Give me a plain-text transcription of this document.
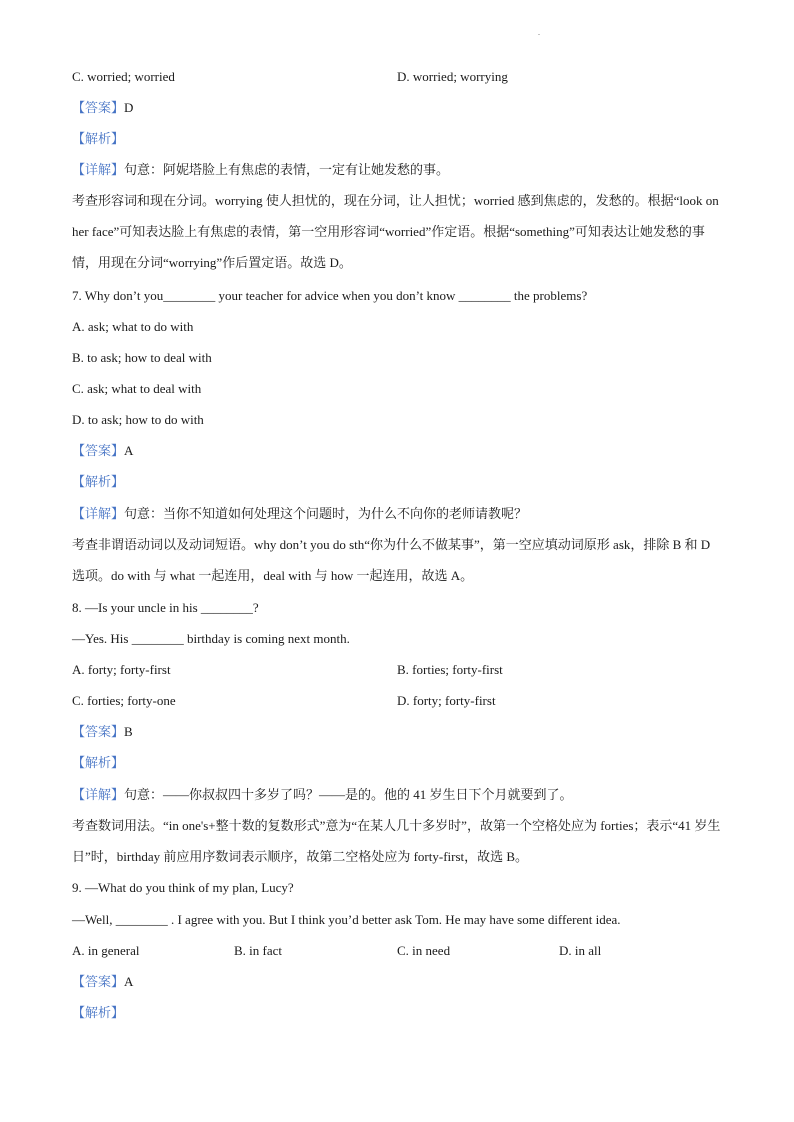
.
C. worried; worried	D. worried; worrying
【答案】D
【解析】
【详解】句意：阿妮塔脸上有焦虑的表情，一定有让她发愁的事。
考查形容词和现在分词。worrying 使人担忧的，现在分词，让人担忧；worried 感到焦虑的，发愁的。根据“look on her face”可知表达脸上有焦虑的表情，第一空用形容词“worried”作定语。根据“something”可知表达让她发愁的事情，用现在分词“worrying”作后置定语。故选 D。
7. Why don’t you________ your teacher for advice when you don’t know ________ the problems?
A. ask; what to do with
B. to ask; how to deal with
C. ask; what to deal with
D. to ask; how to do with
【答案】A
【解析】
【详解】句意：当你不知道如何处理这个问题时，为什么不向你的老师请教呢？
考查非谓语动词以及动词短语。why don’t you do sth“你为什么不做某事”，第一空应填动词原形 ask，排除 B 和 D 选项。do with 与 what 一起连用，deal with 与 how 一起连用，故选 A。
8. —Is your uncle in his ________?
—Yes. His ________ birthday is coming next month.
A. forty; forty-first	B. forties; forty-first
C. forties; forty-one	D. forty; forty-first
【答案】B
【解析】
【详解】句意：——你叔叔四十多岁了吗？——是的。他的 41 岁生日下个月就要到了。
考查数词用法。“in one's+整十数的复数形式”意为“在某人几十多岁时”，故第一个空格处应为 forties；表示“41 岁生日”时，birthday 前应用序数词表示顺序，故第二空格处应为 forty-first，故选 B。
9. —What do you think of my plan, Lucy?
—Well, ________ . I agree with you. But I think you’d better ask Tom. He may have some different idea.
A. in general	B. in fact	C. in need	D. in all
【答案】A
【解析】
